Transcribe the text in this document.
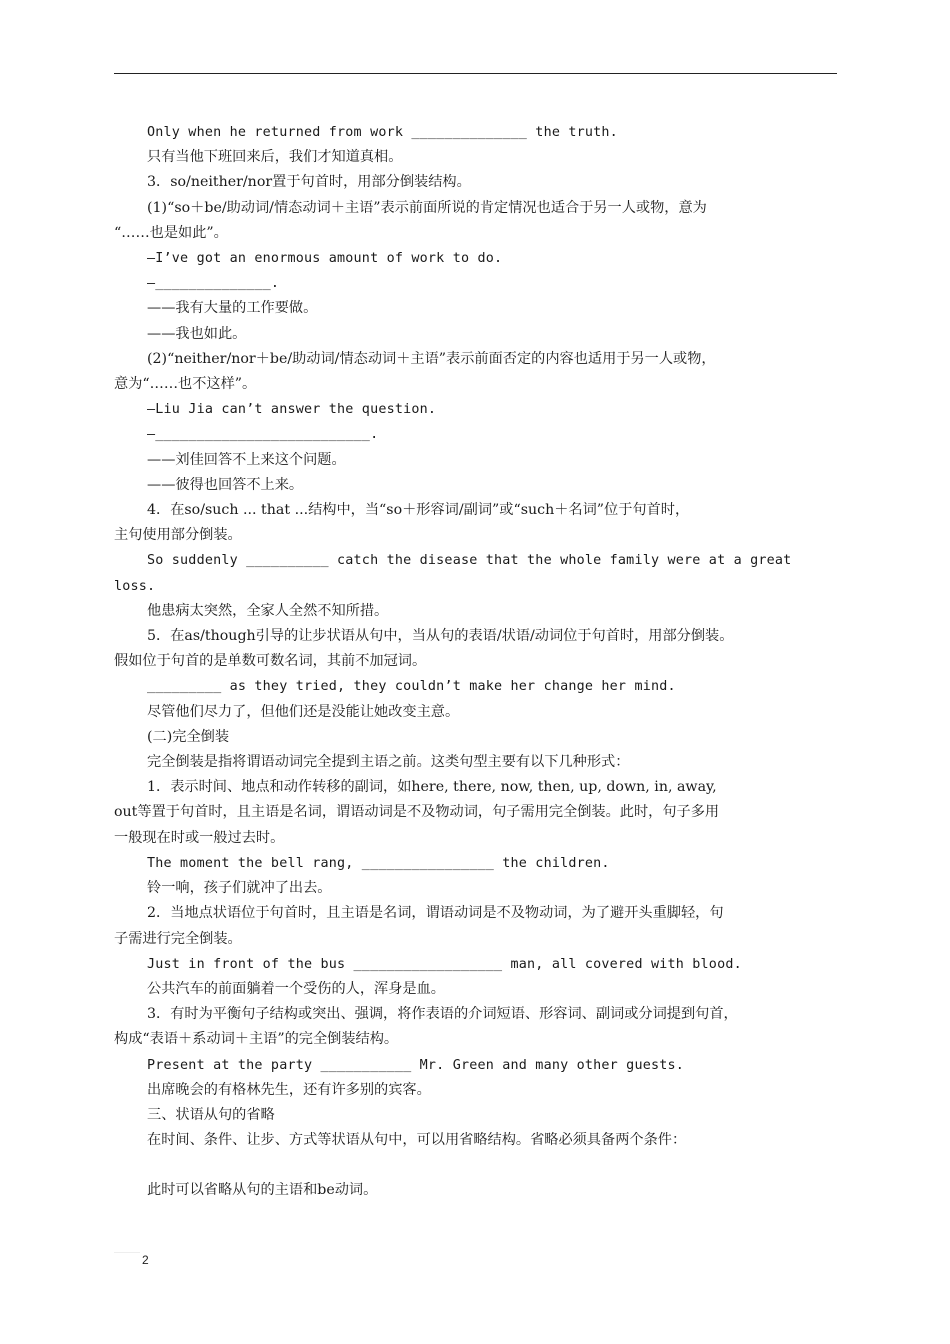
Only when he returned from work ______________ the truth.
只有当他下班回来后，我们才知道真相。
3．so/neither/nor置于句首时，用部分倒装结构。
(1)“so＋be/助动词/情态动词＋主语”表示前面所说的肯定情况也适合于另一人或物，意为
“……也是如此”。
—I’ve got an enormous amount of work to do.
—______________.
——我有大量的工作要做。
——我也如此。
(2)“neither/nor＋be/助动词/情态动词＋主语”表示前面否定的内容也适用于另一人或物，
意为“……也不这样”。
—Liu Jia can’t answer the question.
—__________________________.
——刘佳回答不上来这个问题。
——彼得也回答不上来。
4．在so/such ... that ...结构中，当“so＋形容词/副词”或“such＋名词”位于句首时，
主句使用部分倒装。
So suddenly __________ catch the disease that the whole family were at a great
loss.
他患病太突然，全家人全然不知所措。
5．在as/though引导的让步状语从句中，当从句的表语/状语/动词位于句首时，用部分倒装。
假如位于句首的是单数可数名词，其前不加冠词。
_________ as they tried, they couldn’t make her change her mind.
尽管他们尽力了，但他们还是没能让她改变主意。
(二)完全倒装
完全倒装是指将谓语动词完全提到主语之前。这类句型主要有以下几种形式：
1．表示时间、地点和动作转移的副词，如here, there, now, then, up, down, in, away,
out等置于句首时，且主语是名词，谓语动词是不及物动词，句子需用完全倒装。此时，句子多用
一般现在时或一般过去时。
The moment the bell rang, ________________ the children.
铃一响，孩子们就冲了出去。
2．当地点状语位于句首时，且主语是名词，谓语动词是不及物动词，为了避开头重脚轻，句
子需进行完全倒装。
Just in front of the bus __________________ man, all covered with blood.
公共汽车的前面躺着一个受伤的人，浑身是血。
3．有时为平衡句子结构或突出、强调，将作表语的介词短语、形容词、副词或分词提到句首，
构成“表语＋系动词＋主语”的完全倒装结构。
Present at the party ___________ Mr. Green and many other guests.
出席晚会的有格林先生，还有许多别的宾客。
三、状语从句的省略
在时间、条件、让步、方式等状语从句中，可以用省略结构。省略必须具备两个条件：
此时可以省略从句的主语和be动词。
2
